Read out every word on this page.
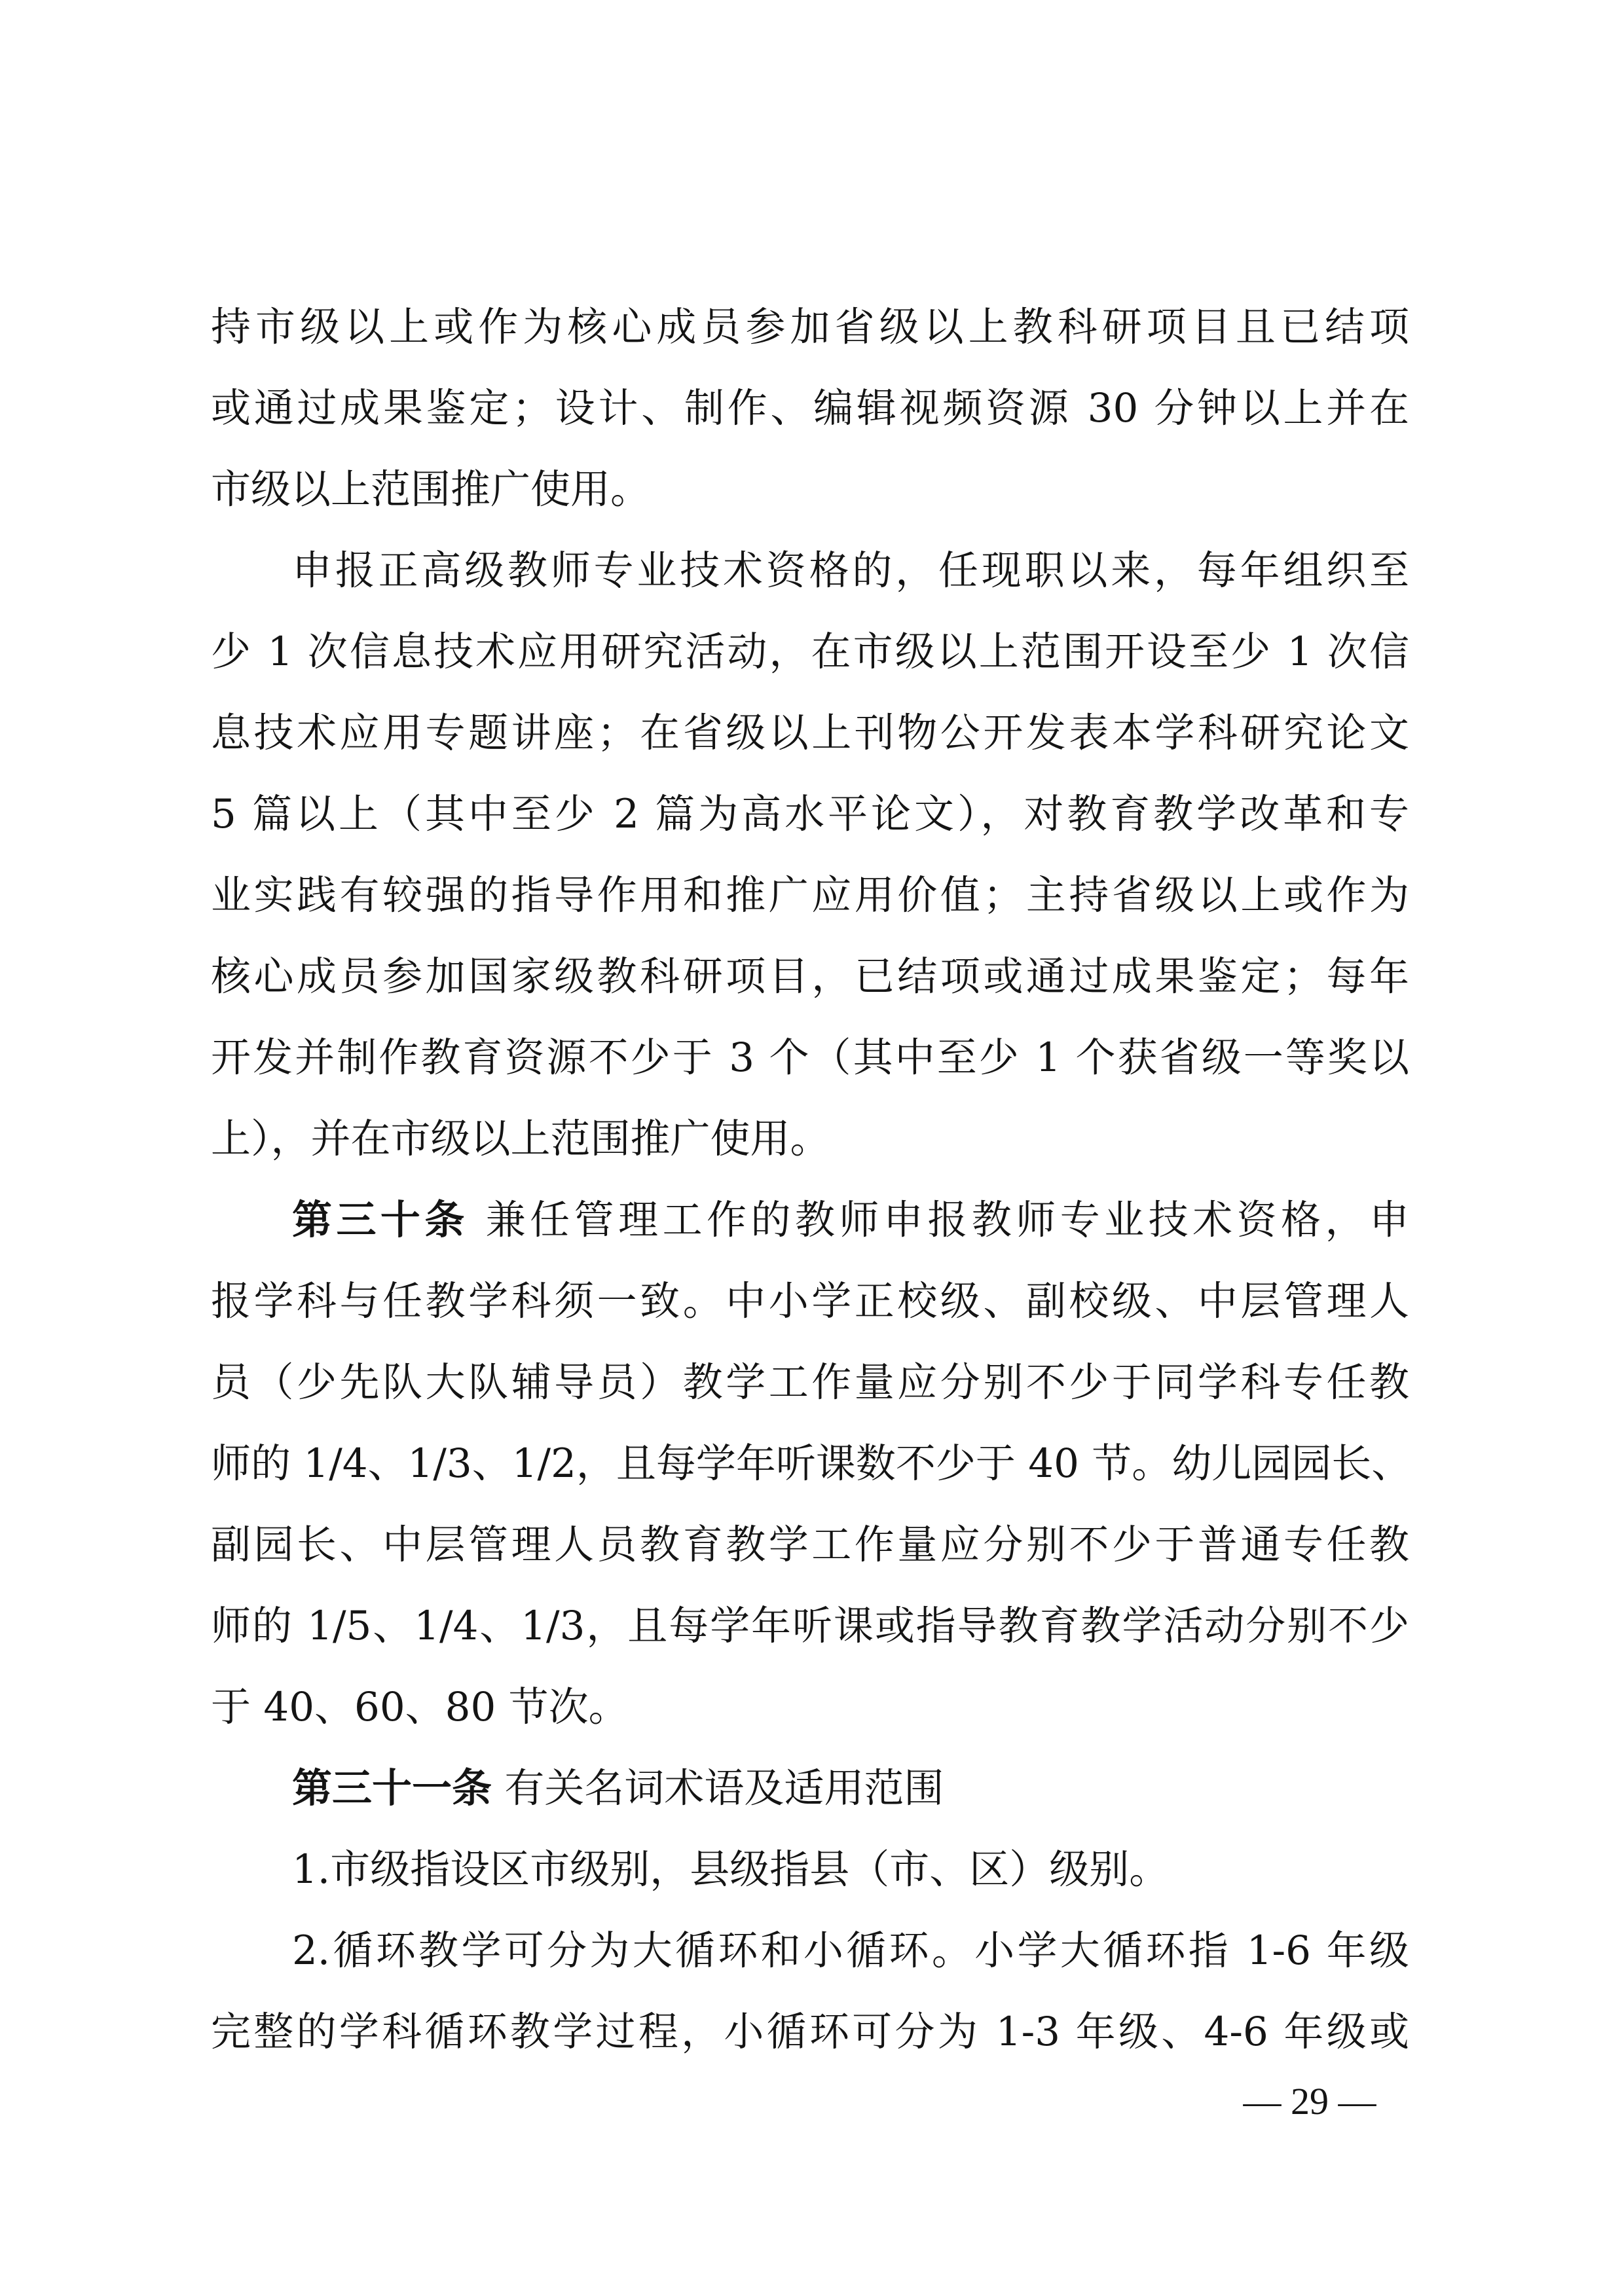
持市级以上或作为核心成员参加省级以上教科研项目且已结项
或通过成果鉴定；设计、制作、编辑视频资源 30 分钟以上并在
市级以上范围推广使用。
申报正高级教师专业技术资格的，任现职以来，每年组织至
少 1 次信息技术应用研究活动，在市级以上范围开设至少 1 次信
息技术应用专题讲座；在省级以上刊物公开发表本学科研究论文
5 篇以上（其中至少 2 篇为高水平论文），对教育教学改革和专
业实践有较强的指导作用和推广应用价值；主持省级以上或作为
核心成员参加国家级教科研项目，已结项或通过成果鉴定；每年
开发并制作教育资源不少于 3 个（其中至少 1 个获省级一等奖以
上），并在市级以上范围推广使用。
第三十条 兼任管理工作的教师申报教师专业技术资格，申
报学科与任教学科须一致。中小学正校级、副校级、中层管理人
员（少先队大队辅导员）教学工作量应分别不少于同学科专任教
师的 1/4、1/3、1/2，且每学年听课数不少于 40 节。幼儿园园长、
副园长、中层管理人员教育教学工作量应分别不少于普通专任教
师的 1/5、1/4、1/3，且每学年听课或指导教育教学活动分别不少
于 40、60、80 节次。
第三十一条 有关名词术语及适用范围
1.市级指设区市级别，县级指县（市、区）级别。
2.循环教学可分为大循环和小循环。小学大循环指 1-6 年级
完整的学科循环教学过程，小循环可分为 1-3 年级、4-6 年级或
— 29 —
